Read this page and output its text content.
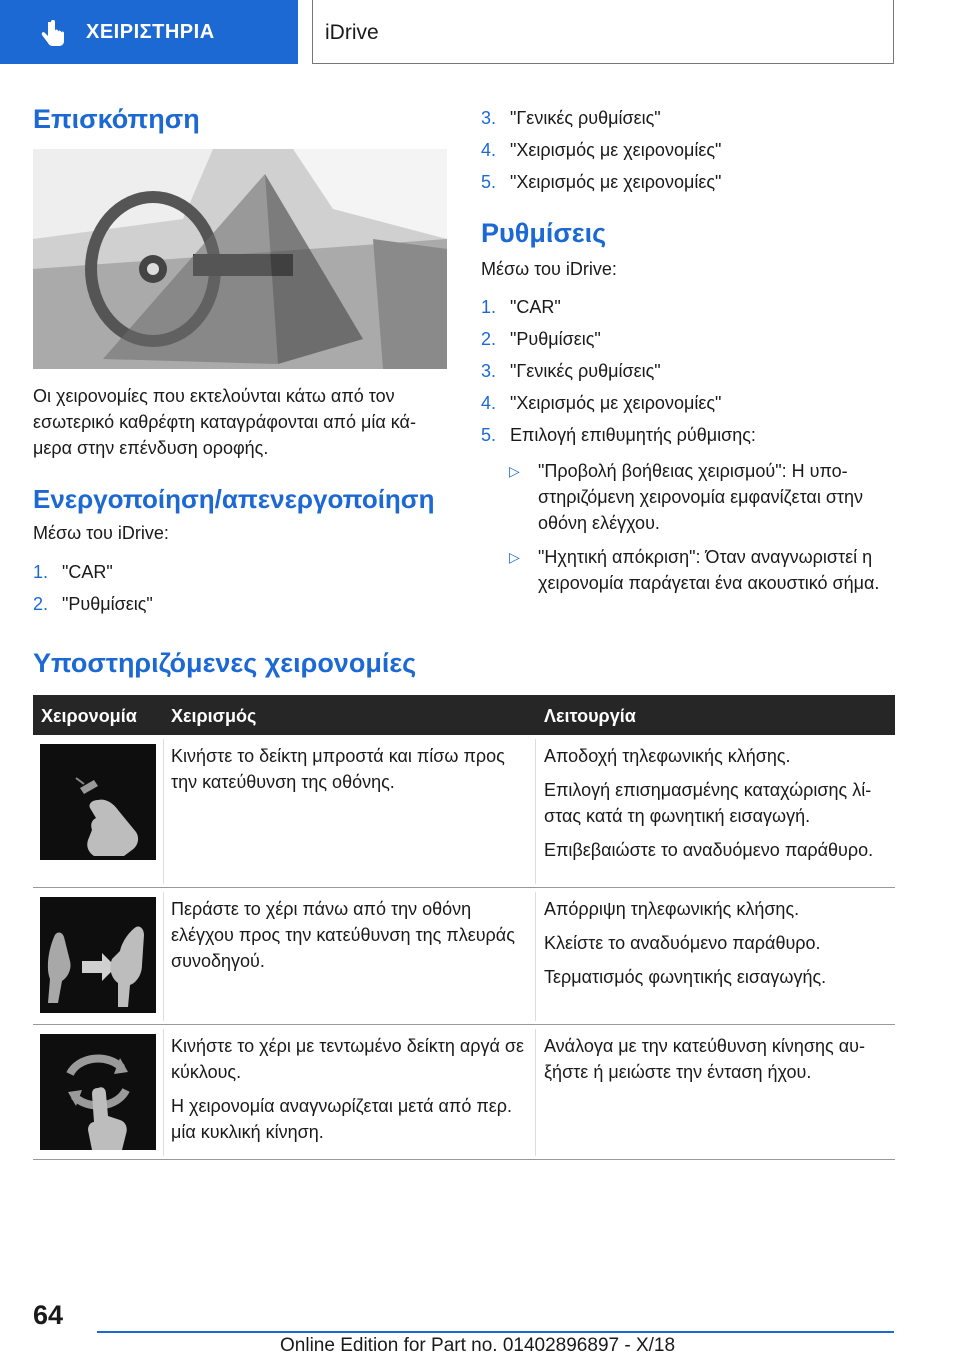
ΧΕΙΡΙΣΤΗΡΙΑ	iDrive
Επισκόπηση

Οι χειρονομίες που εκτελούνται κάτω από τον εσωτερικό καθρέφτη καταγράφονται από μία κάμερα στην επένδυση οροφής.

Ενεργοποίηση/απενεργοποίηση

Μέσω του iDrive:

1. "CAR"
2. "Ρυθμίσεις"
3. "Γενικές ρυθμίσεις"
4. "Χειρισμός με χειρονομίες"
5. "Χειρισμός με χειρονομίες"
Ρυθμίσεις

Μέσω του iDrive:

1. "CAR"
2. "Ρυθμίσεις"
3. "Γενικές ρυθμίσεις"
4. "Χειρισμός με χειρονομίες"
5. Επιλογή επιθυμητής ρύθμισης:
▷ "Προβολή βοήθειας χειρισμού": Η υποστηριζόμενη χειρονομία εμφανίζεται στην οθόνη ελέγχου.
▷ "Ηχητική απόκριση": Όταν αναγνωριστεί η χειρονομία παράγεται ένα ακουστικό σήμα.
Υποστηριζόμενες χειρονομίες
Χειρονομία Χειρισμός	Λειτουργία

Κινήστε το δείκτη μπροστά και πίσω προς την κατεύθυνση της οθόνης.

Αποδοχή τηλεφωνικής κλήσης.

Επιλογή επισημασμένης καταχώρισης λίστας κατά τη φωνητική εισαγωγή.

Επιβεβαιώστε το αναδυόμενο παράθυρο.

Περάστε το χέρι πάνω από την οθόνη ελέγχου προς την κατεύθυνση της πλευράς συνοδηγού.

Απόρριψη τηλεφωνικής κλήσης.

Κλείστε το αναδυόμενο παράθυρο.

Τερματισμός φωνητικής εισαγωγής.

Κινήστε το χέρι με τεντωμένο δείκτη αργά σε κύκλους.

Η χειρονομία αναγνωρίζεται μετά από περ. μία κυκλική κίνηση.

Ανάλογα με την κατεύθυνση κίνησης αυξήστε ή μειώστε την ένταση ήχου.

64
Online Edition for Part no. 01402896897 - X/18
